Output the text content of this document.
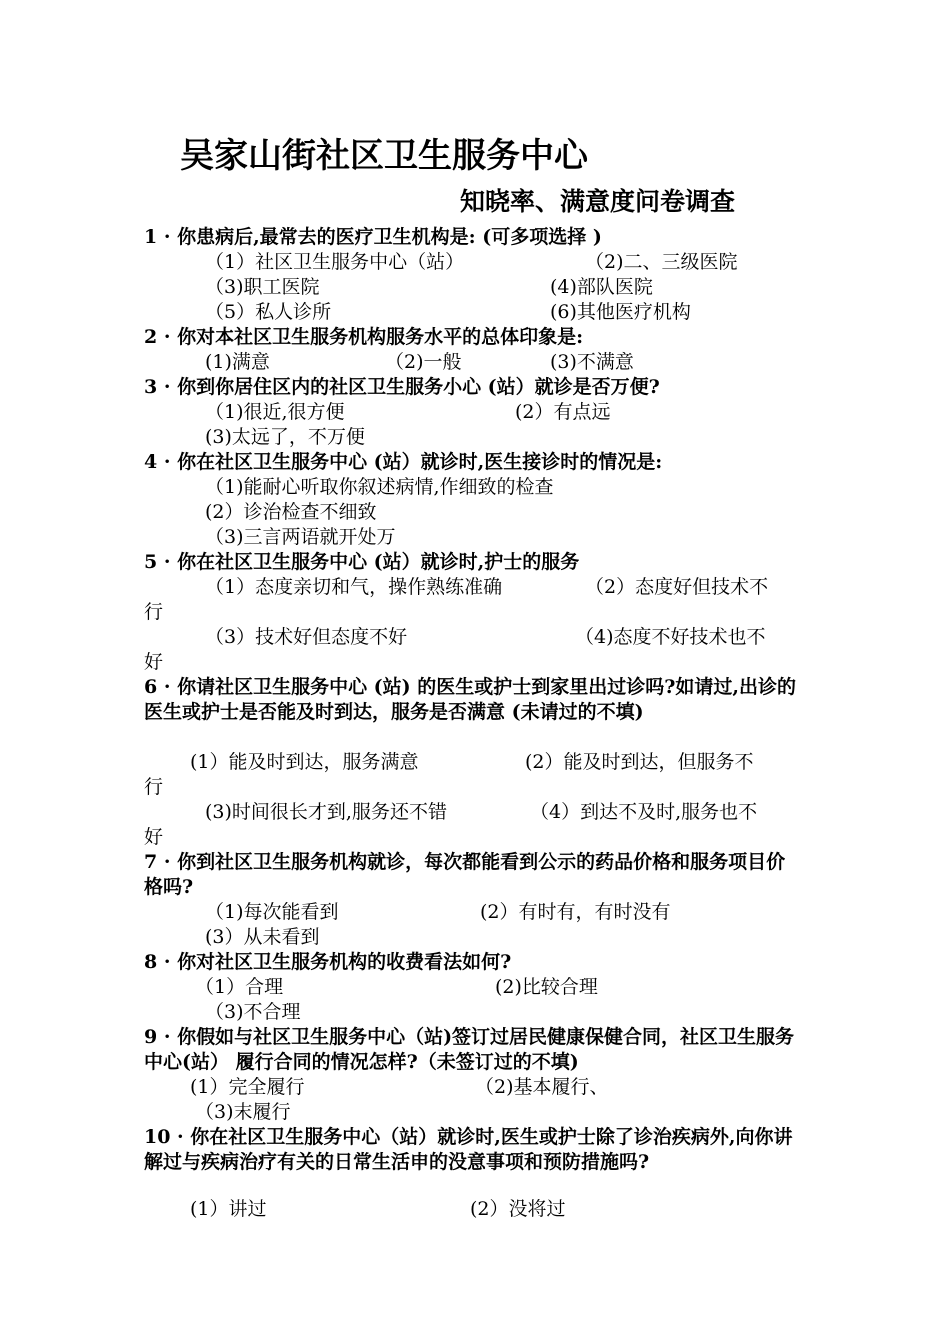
吴家山街社区卫生服务中心
知晓率、满意度问卷调查
1 · 你患病后,最常去的医疗卫生机构是: (可多项选择 )
（1）社区卫生服务中心（站）	（2)二、三级医院
（3)职工医院	(4)部队医院
（5）私人诊所	(6)其他医疗机构
2 · 你对本社区卫生服务机构服务水平的总体印象是:
(1)满意	（2)一般	(3)不满意
3 · 你到你居住区内的社区卫生服务小心 (站）就诊是否万便?
（1)很近,很方便	(2）有点远
(3)太远了，不万便
4 · 你在社区卫生服务中心 (站）就诊时,医生接诊时的情况是:
（1)能耐心听取你叙述病情,作细致的检查
(2）诊治检查不细致
（3)三言两语就开处万
5 · 你在社区卫生服务中心 (站）就诊时,护士的服务
（1）态度亲切和气，操作熟练准确	（2）态度好但技术不
行
（3）技术好但态度不好	（4)态度不好技术也不
好
6 · 你请社区卫生服务中心 (站) 的医生或护士到家里出过诊吗?如请过,出诊的医生或护士是否能及时到达，服务是否满意 (未请过的不填)
(1）能及时到达，服务满意	(2）能及时到达，但服务不
行
(3)时间很长才到,服务还不错	（4）到达不及时,服务也不
好
7 · 你到社区卫生服务机构就诊，每次都能看到公示的药品价格和服务项目价格吗?
（1)每次能看到	(2）有时有，有时没有
(3）从未看到
8 · 你对社区卫生服务机构的收费看法如何?
（1）合理	(2)比较合理
（3)不合理
9 · 你假如与社区卫生服务中心（站)签订过居民健康保健合同，社区卫生服务中心(站） 履行合同的情况怎样?（未签订过的不填)
(1）完全履行	（2)基本履行、
（3)末履行
10 · 你在社区卫生服务中心（站）就诊时,医生或护士除了诊治疾病外,向你讲解过与疾病治疗有关的日常生活申的没意事项和预防措施吗?
(1）讲过	(2）没将过
